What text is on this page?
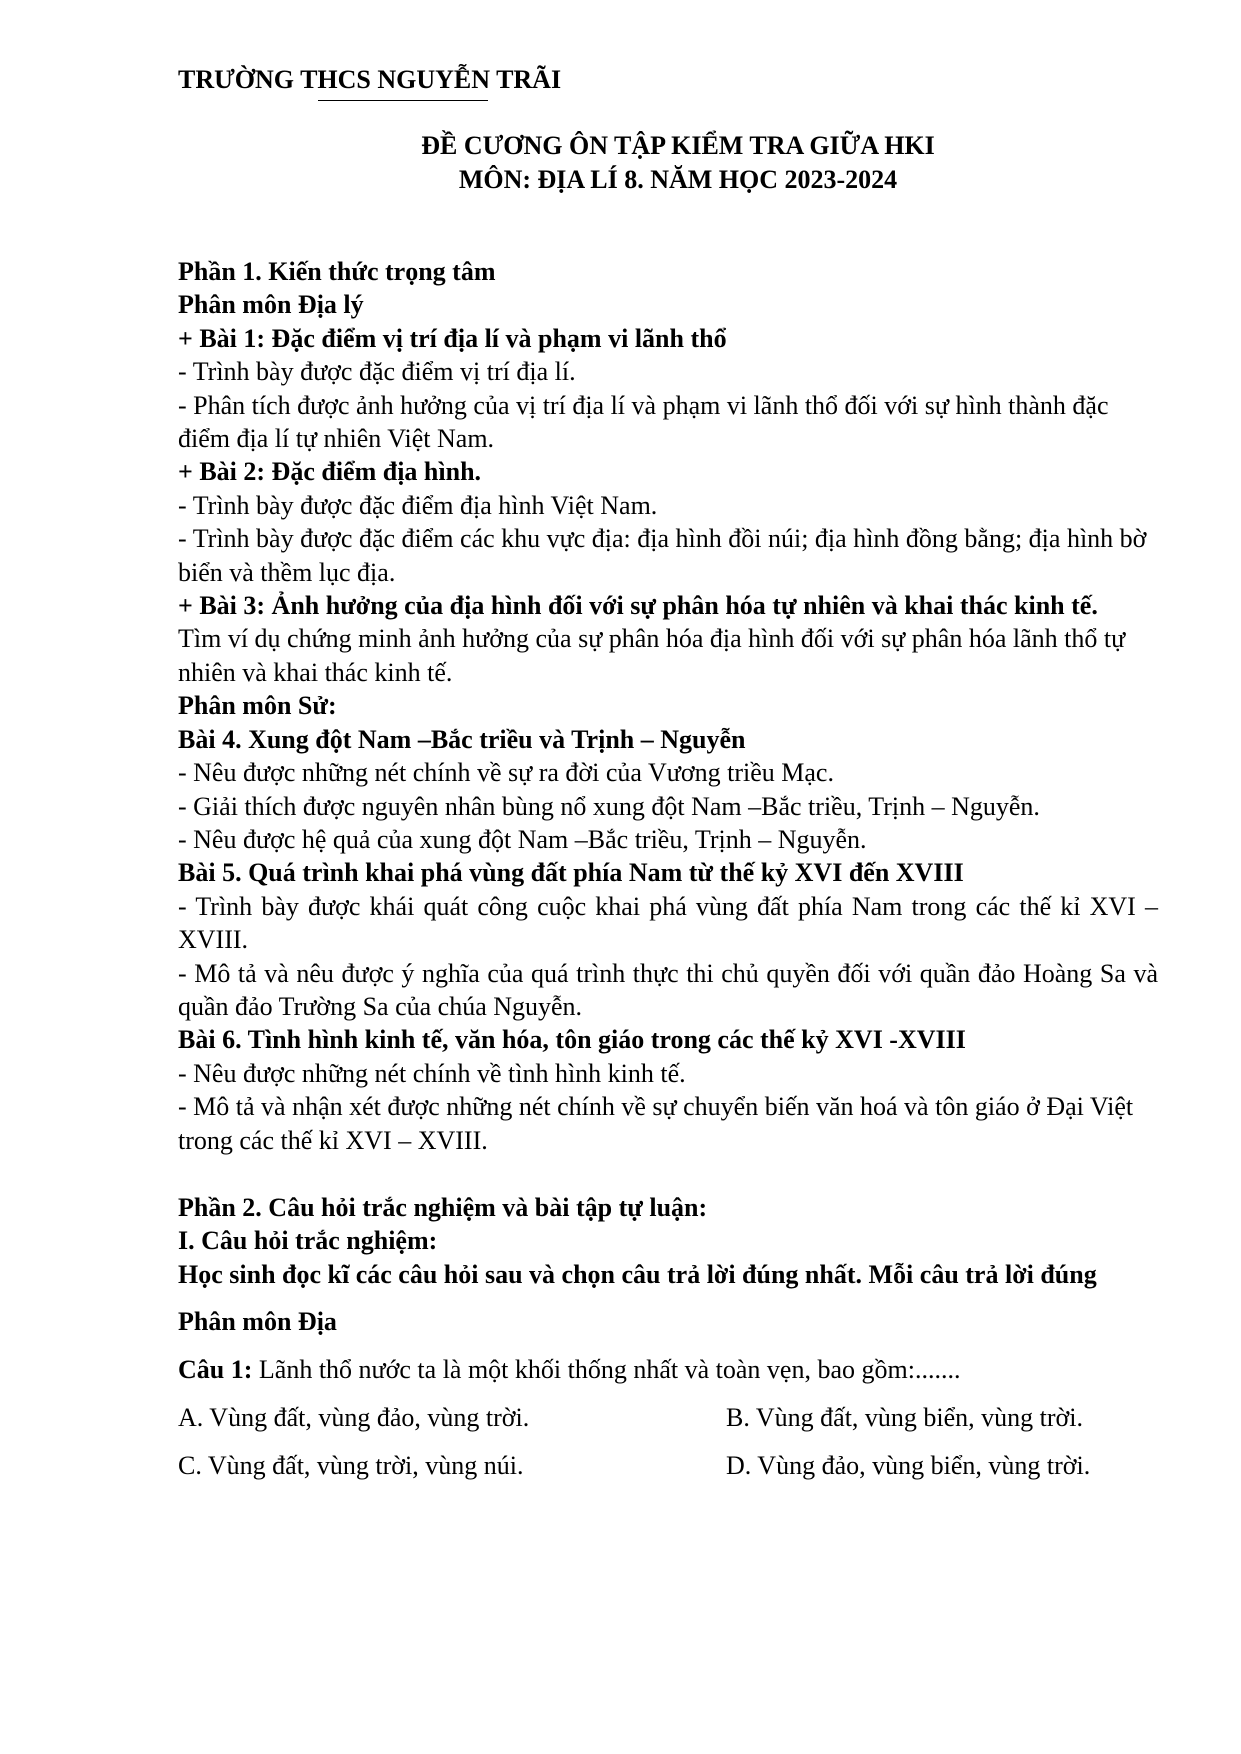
TRƯỜNG THCS NGUYỄN TRÃI
ĐỀ CƯƠNG ÔN TẬP KIỂM TRA GIỮA HKI
MÔN: ĐỊA LÍ 8. NĂM HỌC 2023-2024

Phần 1. Kiến thức trọng tâm

Phân môn Địa lý

+ Bài 1: Đặc điểm vị trí địa lí và phạm vi lãnh thổ

- Trình bày được đặc điểm vị trí địa lí.

- Phân tích được ảnh hưởng của vị trí địa lí và phạm vi lãnh thổ đối với sự hình thành đặc điểm địa lí tự nhiên Việt Nam.

+ Bài 2: Đặc điểm địa hình.

- Trình bày được đặc điểm địa hình Việt Nam.

- Trình bày được đặc điểm các khu vực địa: địa hình đồi núi; địa hình đồng bằng; địa hình bờ biển và thềm lục địa.

+ Bài 3: Ảnh hưởng của địa hình đối với sự phân hóa tự nhiên và khai thác kinh tế.

Tìm ví dụ chứng minh ảnh hưởng của sự phân hóa địa hình đối với sự phân hóa lãnh thổ tự nhiên và khai thác kinh tế.

Phân môn Sử:

Bài 4. Xung đột Nam –Bắc triều và Trịnh – Nguyễn

- Nêu được những nét chính về sự ra đời của Vương triều Mạc.

- Giải thích được nguyên nhân bùng nổ xung đột Nam –Bắc triều, Trịnh – Nguyễn.

- Nêu được hệ quả của xung đột Nam –Bắc triều, Trịnh – Nguyễn.

Bài 5. Quá trình khai phá vùng đất phía Nam từ thế kỷ XVI đến XVIII

- Trình bày được khái quát công cuộc khai phá vùng đất phía Nam trong các thế kỉ XVI – XVIII.

- Mô tả và nêu được ý nghĩa của quá trình thực thi chủ quyền đối với quần đảo Hoàng Sa và quần đảo Trường Sa của chúa Nguyễn.

Bài 6. Tình hình kinh tế, văn hóa, tôn giáo trong các thế kỷ XVI -XVIII

- Nêu được những nét chính về tình hình kinh tế.

- Mô tả và nhận xét được những nét chính về sự chuyển biến văn hoá và tôn giáo ở Đại Việt trong các thế kỉ XVI – XVIII.

Phần 2. Câu hỏi trắc nghiệm và bài tập tự luận:

I. Câu hỏi trắc nghiệm:

Học sinh đọc kĩ các câu hỏi sau và chọn câu trả lời đúng nhất. Mỗi câu trả lời đúng

Phân môn Địa

Câu 1: Lãnh thổ nước ta là một khối thống nhất và toàn vẹn, bao gồm:.......

A. Vùng đất, vùng đảo, vùng trời.	B. Vùng đất, vùng biển, vùng trời.
C. Vùng đất, vùng trời, vùng núi.	D. Vùng đảo, vùng biển, vùng trời.
